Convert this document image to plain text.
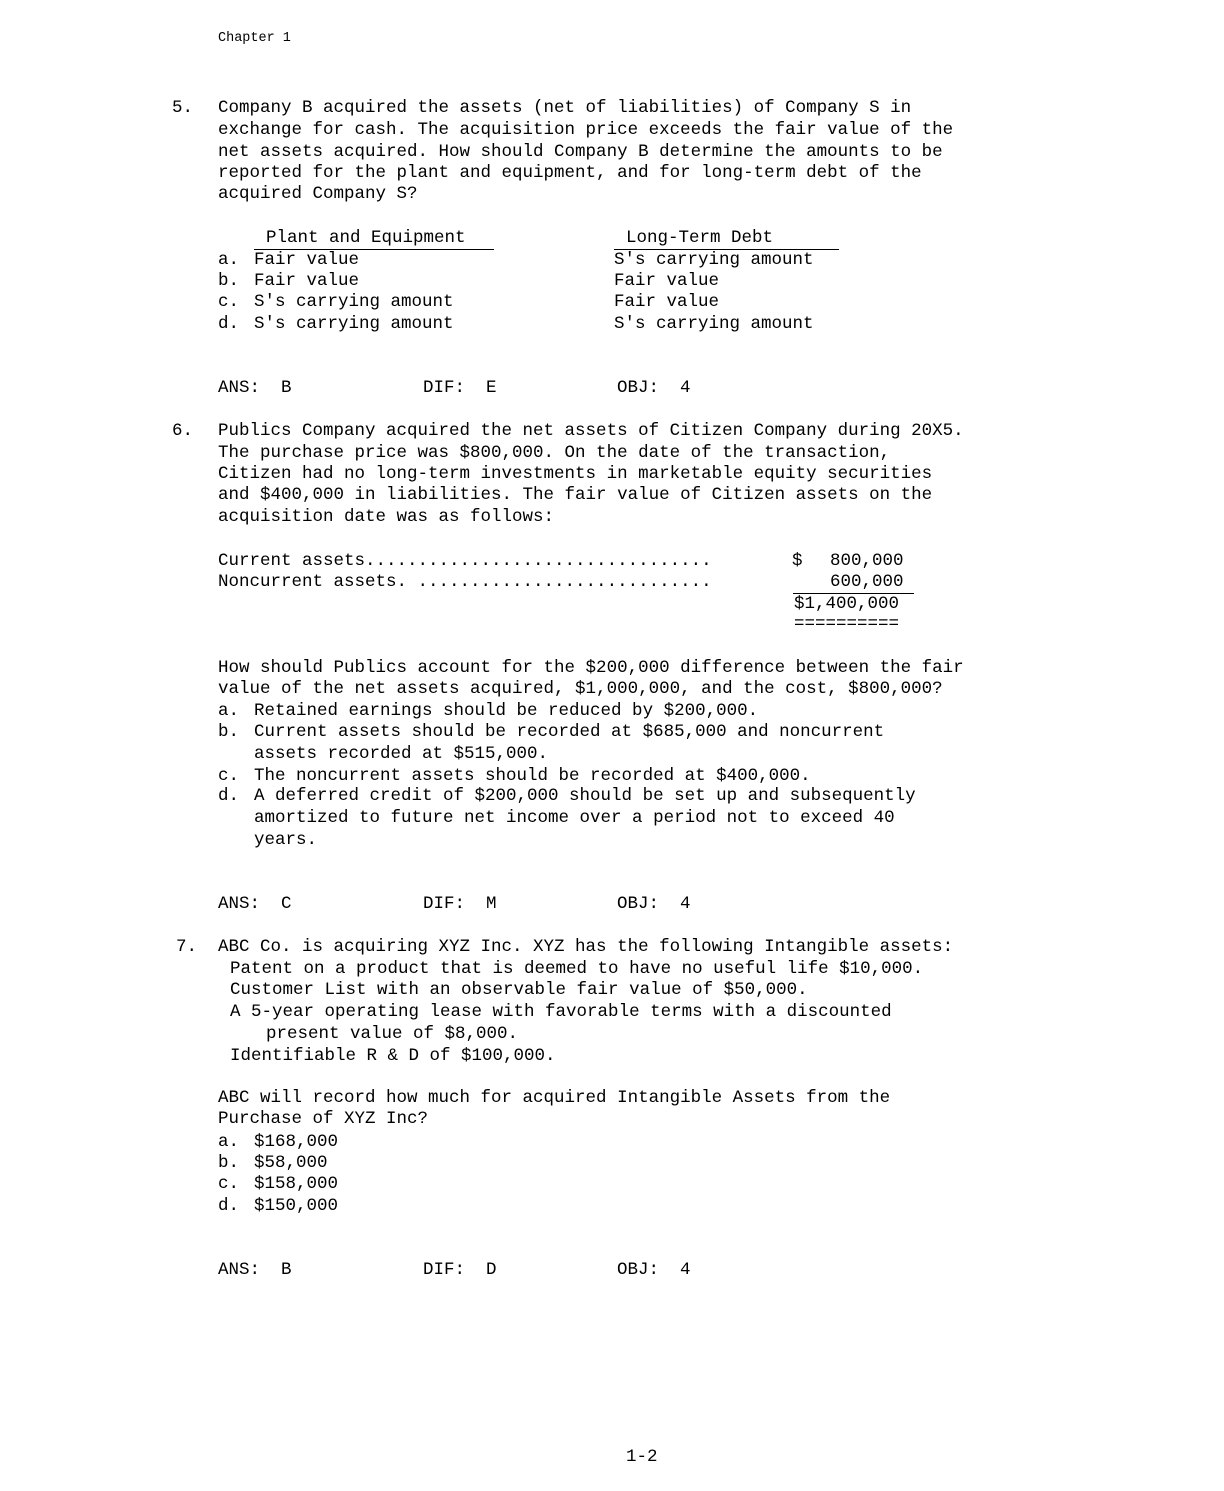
Chapter 1

5. Company B acquired the assets (net of liabilities) of Company S in

exchange for cash. The acquisition price exceeds the fair value of the

net assets acquired. How should Company B determine the amounts to be

reported for the plant and equipment, and for long-term debt of the

acquired Company S?

Plant and Equipment	Long-Term Debt

a. Fair value	S's carrying amount

b. Fair value	Fair value

c. S's carrying amount	Fair value

d. S's carrying amount	S's carrying amount

ANS:  B	DIF:  E	OBJ:  4

6. Publics Company acquired the net assets of Citizen Company during 20X5.

The purchase price was $800,000. On the date of the transaction,

Citizen had no long-term investments in marketable equity securities

and $400,000 in liabilities. The fair value of Citizen assets on the

acquisition date was as follows:

Current assets.................................	$ 800,000

Noncurrent assets. ............................	600,000

$1,400,000

==========

How should Publics account for the $200,000 difference between the fair

value of the net assets acquired, $1,000,000, and the cost, $800,000?

a. Retained earnings should be reduced by $200,000.

b. Current assets should be recorded at $685,000 and noncurrent

assets recorded at $515,000.

c. The noncurrent assets should be recorded at $400,000.

d. A deferred credit of $200,000 should be set up and subsequently

amortized to future net income over a period not to exceed 40

years.

ANS:  C	DIF:  M	OBJ:  4

7. ABC Co. is acquiring XYZ Inc. XYZ has the following Intangible assets:

Patent on a product that is deemed to have no useful life $10,000.

Customer List with an observable fair value of $50,000.

A 5-year operating lease with favorable terms with a discounted

present value of $8,000.

Identifiable R & D of $100,000.

ABC will record how much for acquired Intangible Assets from the

Purchase of XYZ Inc?

a. $168,000

b. $58,000

c. $158,000

d. $150,000

ANS:  B	DIF:  D	OBJ:  4

1-2
